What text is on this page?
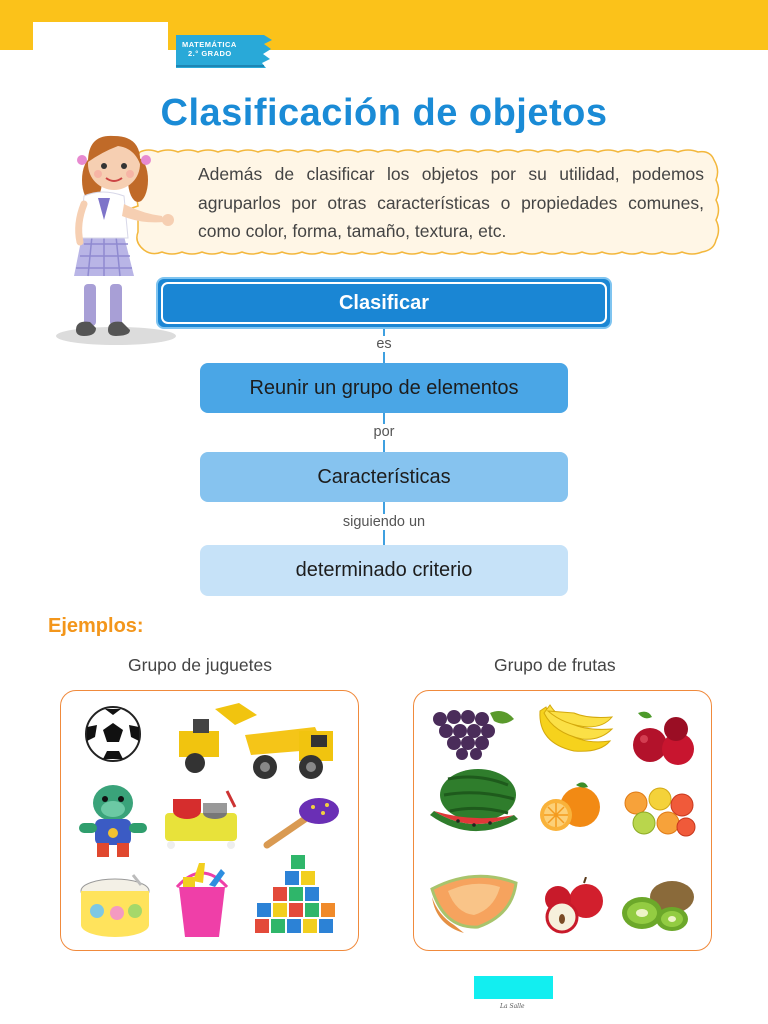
MATEMÁTICA
2.° GRADO
Clasificación de objetos
Además de clasificar los objetos por su utilidad, podemos agruparlos por otras características o propiedades comunes, como color, forma, tamaño, textura, etc.
Clasificar
es
Reunir un grupo de elementos
por
Características
siguiendo un
determinado criterio
Ejemplos:
Grupo de juguetes	Grupo de frutas
La Salle
